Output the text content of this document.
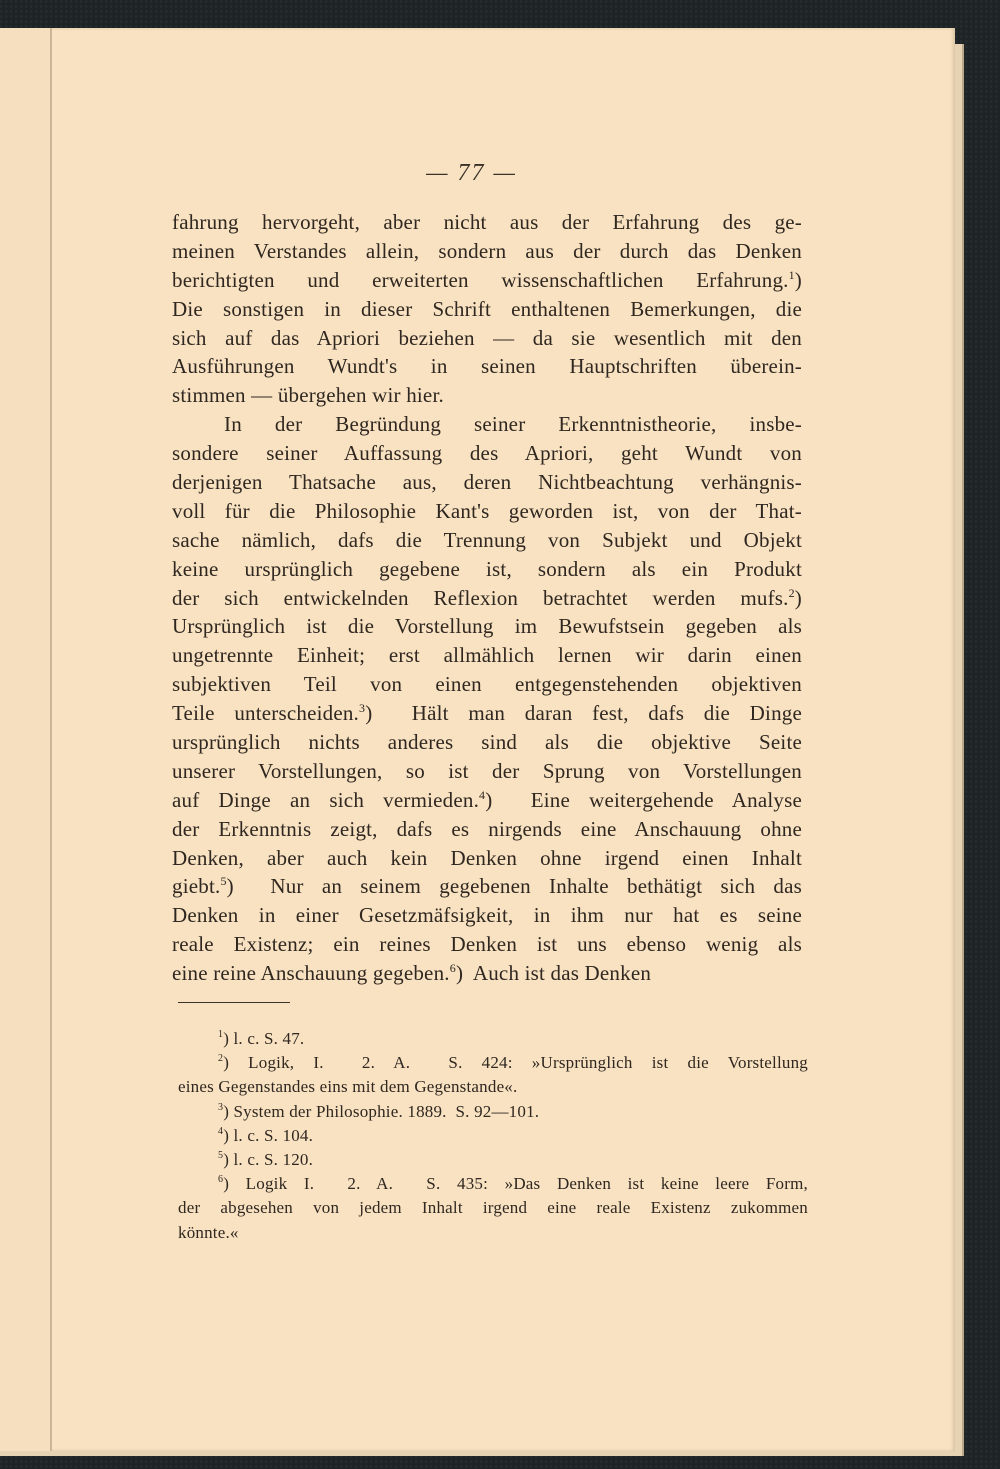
— 77 —
fahrung hervorgeht, aber nicht aus der Erfahrung des ge-
meinen Verstandes allein, sondern aus der durch das Denken
berichtigten und erweiterten wissenschaftlichen Erfahrung.$^1$)
Die sonstigen in dieser Schrift enthaltenen Bemerkungen, die
sich auf das Apriori beziehen — da sie wesentlich mit den
Ausführungen Wundt's in seinen Hauptschriften überein-
stimmen — übergehen wir hier.
In der Begründung seiner Erkenntnistheorie, insbe-
sondere seiner Auffassung des Apriori, geht Wundt von
derjenigen Thatsache aus, deren Nichtbeachtung verhängnis-
voll für die Philosophie Kant's geworden ist, von der That-
sache nämlich, dafs die Trennung von Subjekt und Objekt
keine ursprünglich gegebene ist, sondern als ein Produkt
der sich entwickelnden Reflexion betrachtet werden mufs.$^2$)
Ursprünglich ist die Vorstellung im Bewufstsein gegeben als
ungetrennte Einheit; erst allmählich lernen wir darin einen
subjektiven Teil von einen entgegenstehenden objektiven
Teile unterscheiden.$^3$)  Hält man daran fest, dafs die Dinge
ursprünglich nichts anderes sind als die objektive Seite
unserer Vorstellungen, so ist der Sprung von Vorstellungen
auf Dinge an sich vermieden.$^4$)  Eine weitergehende Analyse
der Erkenntnis zeigt, dafs es nirgends eine Anschauung ohne
Denken, aber auch kein Denken ohne irgend einen Inhalt
giebt.$^5$)  Nur an seinem gegebenen Inhalte bethätigt sich das
Denken in einer Gesetzmäfsigkeit, in ihm nur hat es seine
reale Existenz; ein reines Denken ist uns ebenso wenig als
eine reine Anschauung gegeben.$^6$)  Auch ist das Denken
$^1$) l. c. S. 47.
$^2$) Logik, I.  2. A.  S. 424: »Ursprünglich ist die Vorstellung
eines Gegenstandes eins mit dem Gegenstande«.
$^3$) System der Philosophie. 1889.  S. 92—101.
$^4$) l. c. S. 104.
$^5$) l. c. S. 120.
$^6$) Logik I.  2. A.  S. 435: »Das Denken ist keine leere Form,
der abgesehen von jedem Inhalt irgend eine reale Existenz zukommen
könnte.«
